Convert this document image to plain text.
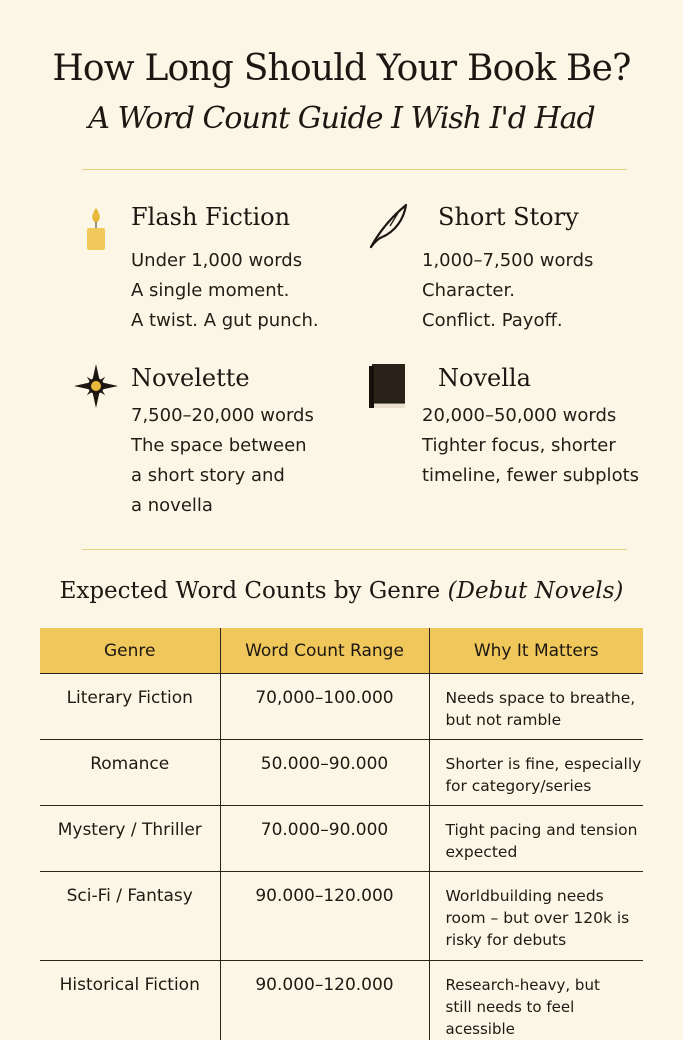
How Long Should Your Book Be?
A Word Count Guide I Wish I'd Had
Flash Fiction
Under 1,000 words
A single moment.
A twist. A gut punch.
Short Story
1,000–7,500 words
Character.
Conflict. Payoff.
Novelette
7,500–20,000 words
The space between
a short story and
a novella
Novella
20,000–50,000 words
Tighter focus, shorter
timeline, fewer subplots
Expected Word Counts by Genre (Debut Novels)
Genre	Word Count Range	Why It Matters
Literary Fiction	70,000–100.000	Needs space to breathe,
but not ramble

Romance	50.000–90.000	Shorter is fine, especially
for category/series

Mystery / Thriller	70.000–90.000	Tight pacing and tension
expected

Sci-Fi / Fantasy	90.000–120.000	Worldbuilding needs
room – but over 120k is
risky for debuts

Historical Fiction	90.000–120.000	Research-heavy, but
still needs to feel acessible
